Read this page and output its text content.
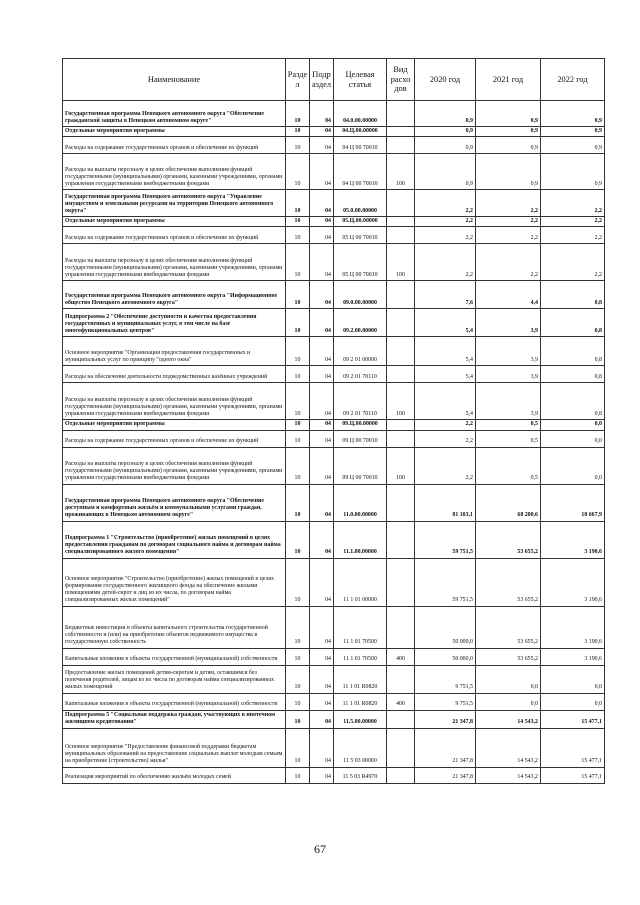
Наименование	Разде л	Подр аздел	Целевая статья	Вид расхо дов	2020 год	2021 год	2022 год
Государственная программа Ненецкого автономного округа "Обеспечение гражданской защиты в Ненецком автономном округе"	10	04	04.0.00.00000		0,9	0,9	0,9
Отдельные мероприятия программы	10	04	04.Ц.00.00000		0,9	0,9	0,9
Расходы на содержание государственных органов и обеспечение их функций	10	04	04 Ц 00 70010		0,9	0,9	0,9
Расходы на выплаты персоналу в целях обеспечения выполнения функций государственными (муниципальными) органами, казенными учреждениями, органами управления государственными внебюджетными фондами	10	04	04 Ц 00 70010	100	0,9	0,9	0,9
Государственная программа Ненецкого автономного округа "Управление имуществом и земельными ресурсами на территории Ненецкого автономного округа"	10	04	05.0.00.00000		2,2	2,2	2,2
Отдельные мероприятия программы	10	04	05.Ц.00.00000		2,2	2,2	2,2
Расходы на содержание государственных органов и обеспечение их функций	10	04	05 Ц 00 70010		2,2	2,2	2,2
Расходы на выплаты персоналу в целях обеспечения выполнения функций государственными (муниципальными) органами, казенными учреждениями, органами управления государственными внебюджетными фондами	10	04	05 Ц 00 70010	100	2,2	2,2	2,2
Государственная программа Ненецкого автономного округа "Информационное общество Ненецкого автономного округа"	10	04	09.0.00.00000		7,6	4,4	0,8
Подпрограмма 2 "Обеспечение доступности и качества предоставления государственных и муниципальных услуг, в том числе на базе многофункциональных центров"	10	04	09.2.00.00000		5,4	3,9	0,8
Основное мероприятие "Организация предоставления государственных и муниципальных услуг по принципу "одного окна"	10	04	09 2 01 00000		5,4	3,9	0,8
Расходы на обеспечение деятельности подведомственных казённых учреждений	10	04	09 2 01 70110		5,4	3,9	0,8
Расходы на выплаты персоналу в целях обеспечения выполнения функций государственными (муниципальными) органами, казенными учреждениями, органами управления государственными внебюджетными фондами	10	04	09 2 01 70110	100	5,4	3,9	0,8
Отдельные мероприятия программы	10	04	09.Ц.00.00000		2,2	0,5	0,0
Расходы на содержание государственных органов и обеспечение их функций	10	04	09 Ц 00 70010		2,2	0,5	0,0
Расходы на выплаты персоналу в целях обеспечения выполнения функций государственными (муниципальными) органами, казенными учреждениями, органами управления государственными внебюджетными фондами	10	04	09 Ц 00 70010	100	2,2	0,5	0,0
Государственная программа Ненецкого автономного округа "Обеспечение доступным и комфортным жильём и коммунальными услугами граждан, проживающих в Ненецком автономном округе"	10	04	11.0.00.00000		81 103,1	68 200,6	18 667,9
Подпрограмма 1 "Строительство (приобретение) жилых помещений в целях предоставления гражданам по договорам социального найма и договорам найма специализированного жилого помещения"	10	04	11.1.00.00000		59 751,5	53 655,2	3 190,6
Основное мероприятие "Строительство (приобретение) жилых помещений в целях формирования государственного жилищного фонда на обеспечение жилыми помещениями детей-сирот и лиц из их числа, по договорам найма специализированных жилых помещений"	10	04	11 1 01 00000		59 751,5	53 655,2	3 190,6
Бюджетные инвестиции в объекты капитального строительства государственной собственности и (или) на приобретение объектов недвижимого имущества в государственную собственность	10	04	11 1 01 70500		50 000,0	53 655,2	3 190,6
Капитальные вложения в объекты государственной (муниципальной) собственности	10	04	11 1 01 70500	400	50 000,0	53 655,2	3 190,6
Предоставление жилых помещений детям-сиротам и детям, оставшимся без попечения родителей, лицам из их числа по договорам найма специализированных жилых помещений	10	04	11 1 01 R0820		9 751,5	0,0	0,0
Капитальные вложения в объекты государственной (муниципальной) собственности	10	04	11 1 01 R0820	400	9 751,5	0,0	0,0
Подпрограмма 5 "Социальная поддержка граждан, участвующих в ипотечном жилищном кредитовании"	10	04	11.5.00.00000		21 347,8	14 543,2	15 477,1
Основное мероприятие "Предоставление финансовой поддержки бюджетам муниципальных образований на предоставление социальных выплат молодым семьям на приобретение (строительство) жилья"	10	04	11 5 03 00000		21 347,8	14 543,2	15 477,1
Реализация мероприятий по обеспечению жильём молодых семей	10	04	11 5 03 R4970		21 347,8	14 543,2	15 477,1
67
